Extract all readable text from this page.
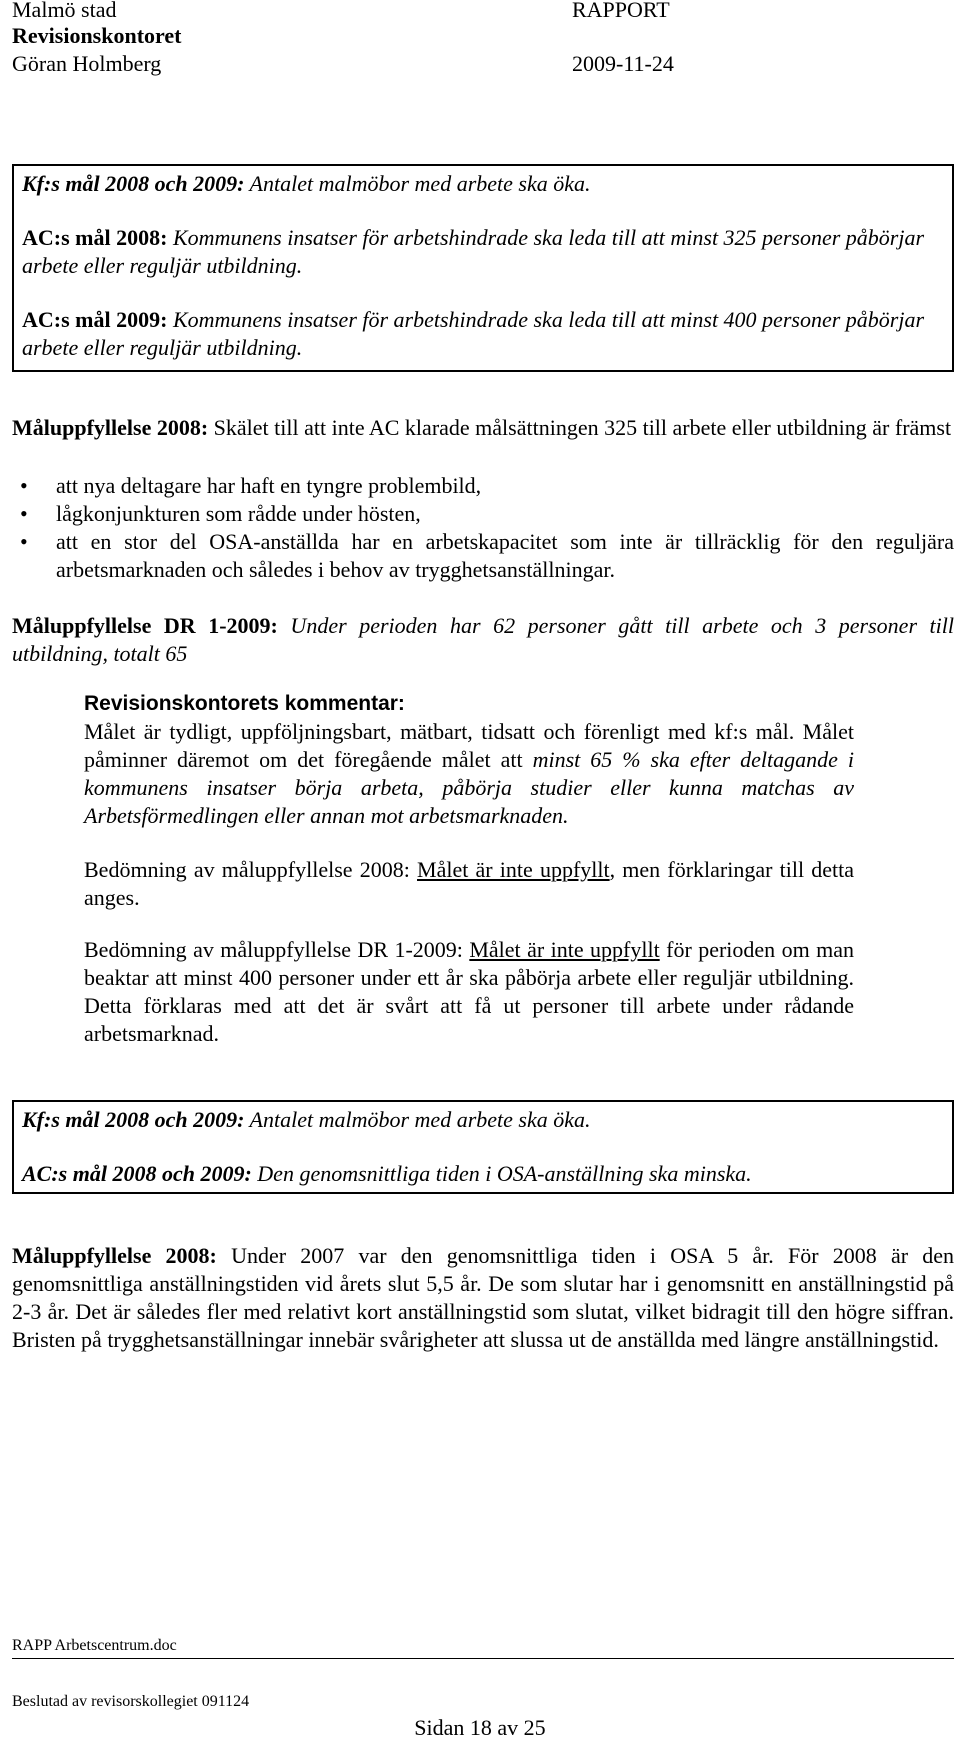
Malmö stad
Revisionskontoret
Göran Holmberg
RAPPORT
2009-11-24

Kf:s mål 2008 och 2009: Antalet malmöbor med arbete ska öka.

AC:s mål 2008: Kommunens insatser för arbetshindrade ska leda till att minst 325 personer påbörjar arbete eller reguljär utbildning.

AC:s mål 2009: Kommunens insatser för arbetshindrade ska leda till att minst 400 personer påbörjar arbete eller reguljär utbildning.

Måluppfyllelse 2008: Skälet till att inte AC klarade målsättningen 325 till arbete eller utbildning är främst

• att nya deltagare har haft en tyngre problembild,
• lågkonjunkturen som rådde under hösten,
• att en stor del OSA-anställda har en arbetskapacitet som inte är tillräcklig för den reguljära arbetsmarknaden och således i behov av trygghetsanställningar.

Måluppfyllelse DR 1-2009: Under perioden har 62 personer gått till arbete och 3 personer till utbildning, totalt 65

Revisionskontorets kommentar:

Målet är tydligt, uppföljningsbart, mätbart, tidsatt och förenligt med kf:s mål. Målet påminner däremot om det föregående målet att minst 65 % ska efter deltagande i kommunens insatser börja arbeta, påbörja studier eller kunna matchas av Arbetsförmedlingen eller annan mot arbetsmarknaden.

Bedömning av måluppfyllelse 2008: Målet är inte uppfyllt, men förklaringar till detta anges.

Bedömning av måluppfyllelse DR 1-2009: Målet är inte uppfyllt för perioden om man beaktar att minst 400 personer under ett år ska påbörja arbete eller reguljär utbildning. Detta förklaras med att det är svårt att få ut personer till arbete under rådande arbetsmarknad.

Kf:s mål 2008 och 2009: Antalet malmöbor med arbete ska öka.

AC:s mål 2008 och 2009: Den genomsnittliga tiden i OSA-anställning ska minska.

Måluppfyllelse 2008: Under 2007 var den genomsnittliga tiden i OSA 5 år. För 2008 är den genomsnittliga anställningstiden vid årets slut 5,5 år. De som slutar har i genomsnitt en anställningstid på 2-3 år. Det är således fler med relativt kort anställningstid som slutat, vilket bidragit till den högre siffran. Bristen på trygghetsanställningar innebär svårigheter att slussa ut de anställda med längre anställningstid.

RAPP Arbetscentrum.doc
Beslutad av revisorskollegiet 091124
Sidan 18 av 25
